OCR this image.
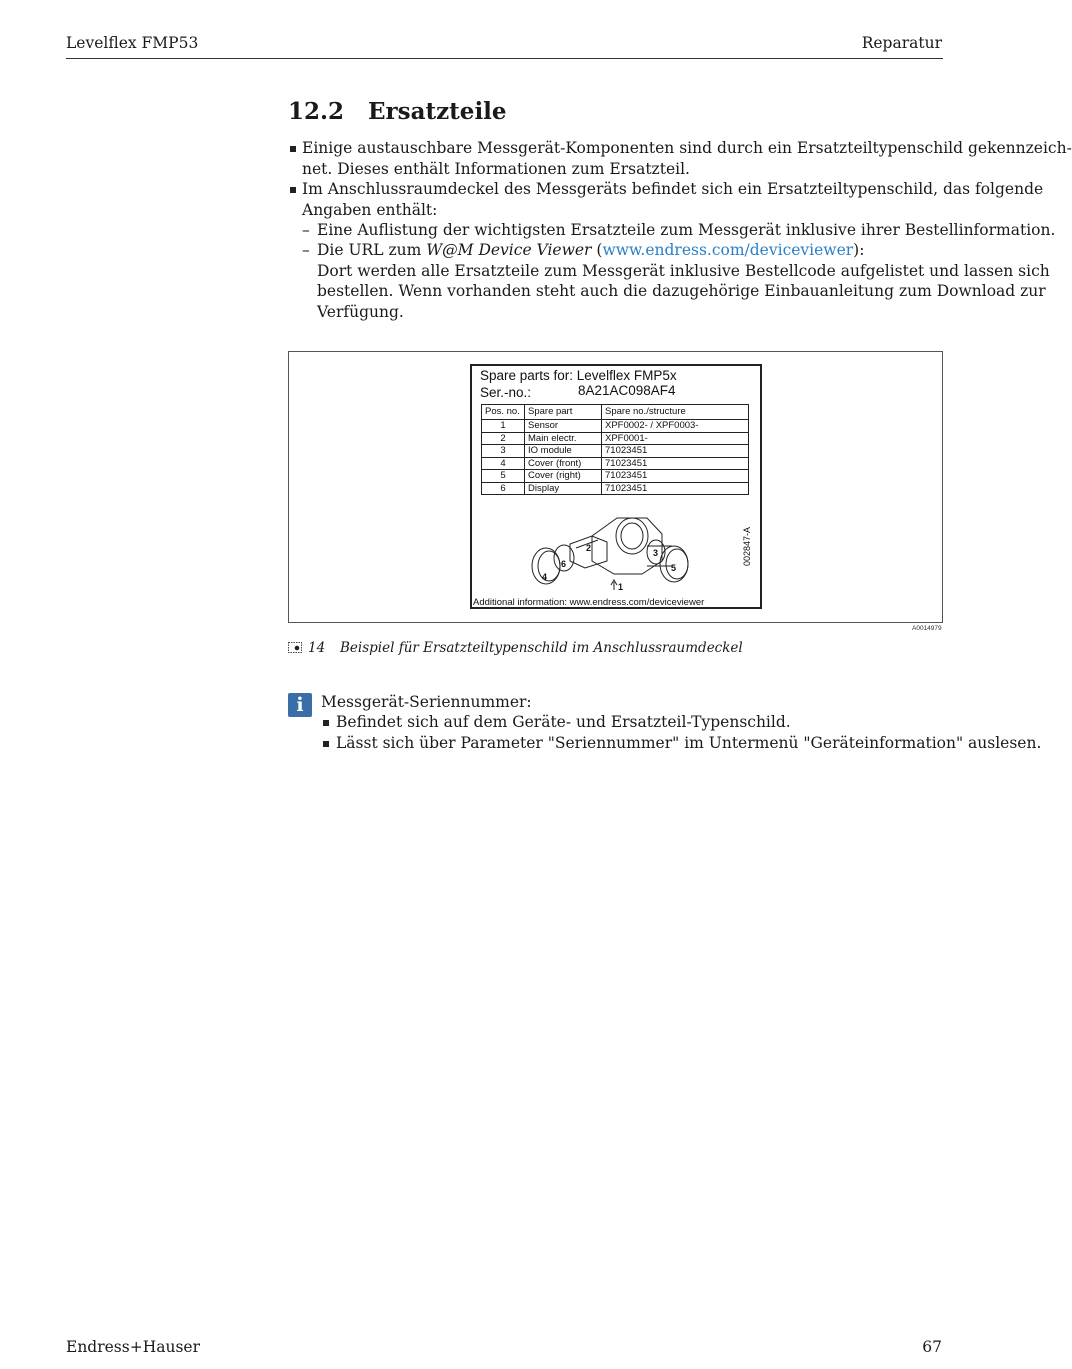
Levelflex FMP53	Reparatur
12.2 Ersatzteile
Einige austauschbare Messgerät-Komponenten sind durch ein Ersatzteiltypenschild gekennzeich-
net. Dieses enthält Informationen zum Ersatzteil.
Im Anschlussraumdeckel des Messgeräts befindet sich ein Ersatzteiltypenschild, das folgende
Angaben enthält:
– Eine Auflistung der wichtigsten Ersatzteile zum Messgerät inklusive ihrer Bestellinformation.
– Die URL zum W@M Device Viewer (www.endress.com/deviceviewer):
Dort werden alle Ersatzteile zum Messgerät inklusive Bestellcode aufgelistet und lassen sich
bestellen. Wenn vorhanden steht auch die dazugehörige Einbauanleitung zum Download zur
Verfügung.
Spare parts for: Levelflex FMP5x
Ser.-no.:	8A21AC098AF4
Pos. no.	Spare part	Spare no./structure
1	Sensor	XPF0002- / XPF0003-
2	Main electr.	XPF0001-
3	IO module	71023451
4	Cover (front)	71023451
5	Cover (right)	71023451
6	Display	71023451
1
2	3
4
5
6	002847-A
Additional information: www.endress.com/deviceviewer
A0014979
14 Beispiel für Ersatzteiltypenschild im Anschlussraumdeckel
i	Messgerät-Seriennummer:
Befindet sich auf dem Geräte- und Ersatzteil-Typenschild.
Lässt sich über Parameter "Seriennummer" im Untermenü "Geräteinformation" auslesen.
Endress+Hauser	67
